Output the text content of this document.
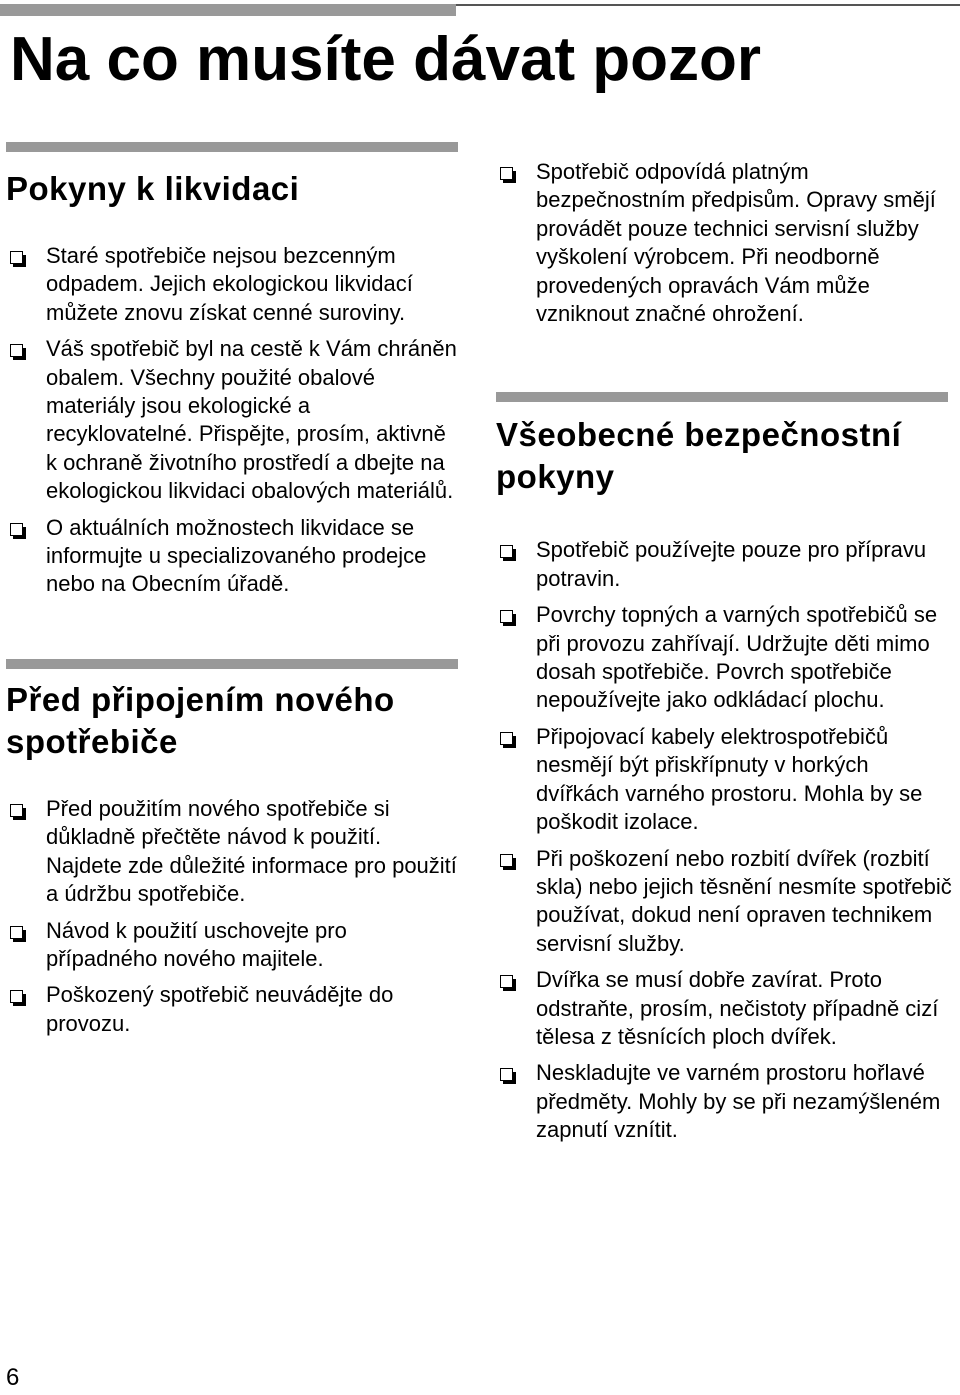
Na co musíte dávat pozor
Pokyny k likvidaci
Staré spotřebiče nejsou bezcenným odpadem. Jejich ekologickou likvidací můžete znovu získat cenné suroviny.
Váš spotřebič byl na cestě k Vám chráněn obalem. Všechny použité obalové materiály jsou ekologické a recyklovatelné. Přispějte, prosím, aktivně k ochraně životního prostředí a dbejte na ekologickou likvidaci obalových materiálů.
O aktuálních možnostech likvidace se informujte u specializovaného prodejce nebo na Obecním úřadě.
Před připojením nového spotřebiče
Před použitím nového spotřebiče si důkladně přečtěte návod k použití. Najdete zde důležité informace pro použití a údržbu spotřebiče.
Návod k použití uschovejte pro případného nového majitele.
Poškozený spotřebič neuvádějte do provozu.
Spotřebič odpovídá platným bezpečnostním předpisům. Opravy smějí provádět pouze technici servisní služby vyškolení výrobcem. Při neodborně provedených opravách Vám může vzniknout značné ohrožení.
Všeobecné bezpečnostní pokyny
Spotřebič používejte pouze pro přípravu potravin.
Povrchy topných a varných spotřebičů se při provozu zahřívají. Udržujte děti mimo dosah spotřebiče. Povrch spotřebiče nepoužívejte jako odkládací plochu.
Připojovací kabely elektrospotřebičů nesmějí být přiskřípnuty v horkých dvířkách varného prostoru. Mohla by se poškodit izolace.
Při poškození nebo rozbití dvířek (rozbití skla) nebo jejich těsnění nesmíte spotřebič používat, dokud není opraven technikem servisní služby.
Dvířka se musí dobře zavírat. Proto odstraňte, prosím, nečistoty případně cizí tělesa z těsnících ploch dvířek.
Neskladujte ve varném prostoru hořlavé předměty. Mohly by se při nezamýšleném zapnutí vznítit.
6
